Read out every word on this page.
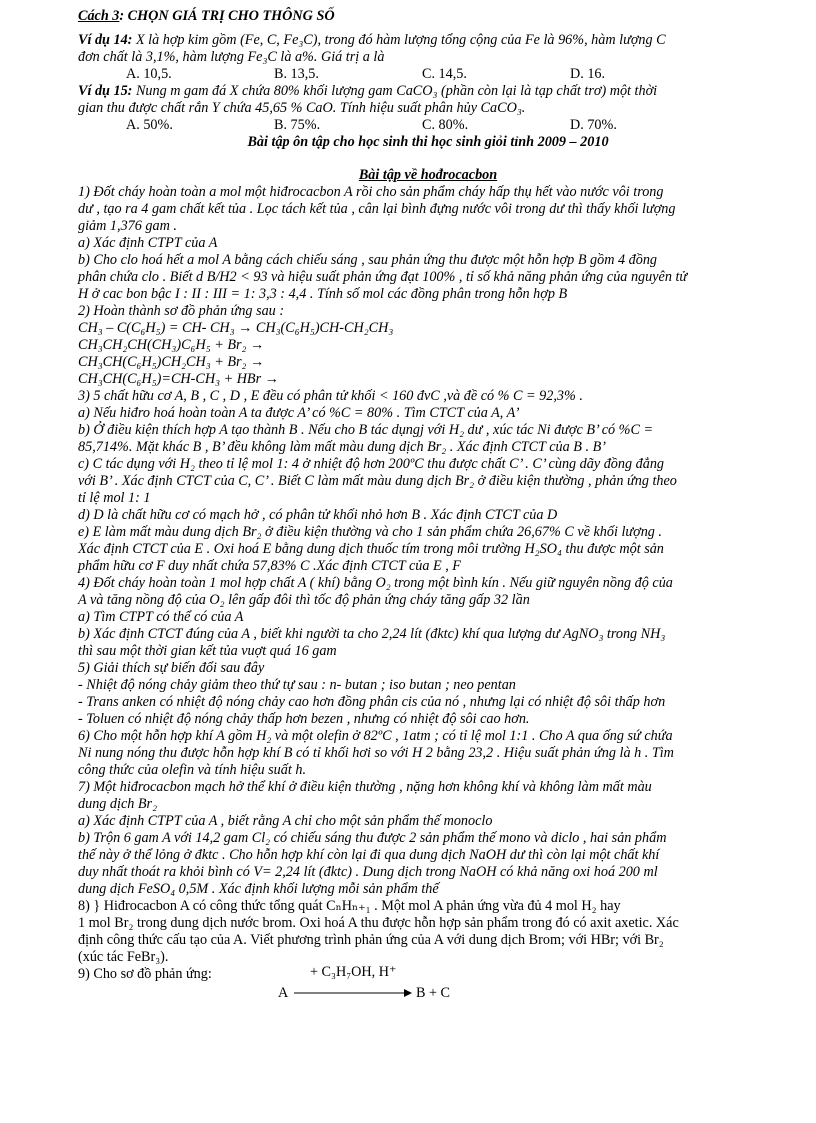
Cách 3: CHỌN GIÁ TRỊ CHO THÔNG SỐ
Ví dụ 14: X là hợp kim gồm (Fe, C, Fe₃C), trong đó hàm lượng tổng cộng của Fe là 96%, hàm lượng C
đơn chất là 3,1%, hàm lượng Fe₃C là a%. Giá trị a là
A. 10,5.	B. 13,5.	C. 14,5.	D. 16.
Ví dụ 15: Nung m gam đá X chứa 80% khối lượng gam CaCO₃ (phần còn lại là tạp chất trơ) một thời
gian thu được chất rắn Y chứa 45,65 % CaO. Tính hiệu suất phân hủy CaCO₃.
A. 50%.	B. 75%.	C. 80%.	D. 70%.
Bài tập ôn tập cho học sinh thi học sinh giỏi tỉnh 2009 – 2010
Bài tập về hođrocacbon
1) Đốt cháy hoàn toàn a mol một hiđrocacbon A rồi cho sản phẩm cháy hấp thụ hết vào nước vôi trong
dư , tạo ra 4 gam chất kết tủa . Lọc tách kết tủa , cân lại bình đựng nước vôi trong dư thì thấy khối lượng
giảm 1,376 gam .
a) Xác định CTPT của A
b) Cho clo hoá hết a mol A bằng cách chiếu sáng , sau phản ứng thu được một hỗn hợp B gồm 4 đồng
phân chứa clo . Biết d B/H2 < 93 và hiệu suất phản ứng đạt 100% , tỉ số khả năng phản ứng của nguyên tử
H ở cac bon bậc I : II : III = 1: 3,3 : 4,4 . Tính số mol các đồng phân trong hỗn hợp B
2) Hoàn thành sơ đồ phản ứng sau :
CH₃ – C(C₆H₅) = CH- CH₃ → CH₃(C₆H₅)CH-CH₂CH₃
CH₃CH₂CH(CH₃)C₆H₅ + Br₂ →
CH₃CH(C₆H₅)CH₂CH₃ + Br₂ →
CH₃CH(C₆H₅)=CH-CH₃ + HBr →
3) 5 chất hữu cơ A, B , C , D , E đều có phân tử khối < 160 đvC ,và đề có % C = 92,3% .
a) Nếu hiđro hoá hoàn toàn A ta được A’ có %C = 80% . Tìm CTCT của A, A’
b) Ở điều kiện thích hợp A tạo thành B . Nếu cho B tác dụngj với H₂ dư , xúc tác Ni được B’ có %C =
85,714%. Mặt khác B , B’ đều không làm mất màu dung dịch Br₂ . Xác định CTCT của B . B’
c) C tác dụng với H₂ theo tỉ lệ mol 1: 4 ở nhiệt độ hơn 200ºC thu được chất C’ . C’ cùng dãy đồng đẳng
với B’ . Xác định CTCT của C, C’ . Biết C làm mất màu dung dịch Br₂ ở điều kiện thường , phản ứng theo
tỉ lệ mol 1: 1
d) D là chất hữu cơ có mạch hở , có phân tử khối nhỏ hơn B . Xác định CTCT của D
e) E làm mất màu dung dịch Br₂ ở điều kiện thường và cho 1 sản phẩm chứa 26,67% C về khối lượng .
Xác định CTCT của E . Oxi hoá E bằng dung dịch thuốc tím trong môi trường H₂SO₄ thu được một sản
phẩm hữu cơ F duy nhất chứa 57,83% C .Xác định CTCT của E , F
4) Đốt cháy hoàn toàn 1 mol hợp chất A ( khí) bằng O₂ trong một bình kín . Nếu giữ nguyên nồng độ của
A và tăng nồng độ của O₂ lên gấp đôi thì tốc độ phản ứng cháy tăng gấp 32 lần
a) Tìm CTPT có thể có của A
b) Xác định CTCT đúng của A , biết khi người ta cho 2,24 lít (đktc) khí qua lượng dư AgNO₃ trong NH₃
thì sau một thời gian kết tủa vuợt quá 16 gam
5) Giải thích sự biến đổi sau đây
- Nhiệt độ nóng chảy giảm theo thứ tự sau : n- butan ; iso butan ; neo pentan
- Trans anken có nhiệt độ nóng chảy cao hơn đồng phân cis của nó , nhưng lại có nhiệt độ sôi thấp hơn
- Toluen có nhiệt độ nóng chảy thấp hơn bezen , nhưng có nhiệt độ sôi cao hơn.
6) Cho một hỗn hợp khí A gồm H₂ và một olefin ở 82ºC , 1atm ; có tỉ lệ mol 1:1 . Cho A qua ống sứ chứa
Ni nung nóng thu được hỗn hợp khí B có tỉ khối hơi so với H 2 bằng 23,2 . Hiệu suất phản ứng là h . Tìm
công thức của olefin và tính hiệu suất h.
7) Một hiđrocacbon mạch hở thể khí ở điều kiện thường , nặng hơn không khí và không làm mất màu
dung dịch Br₂
a) Xác định CTPT của A , biết rằng A chỉ cho một sản phẩm thế monoclo
b) Trộn 6 gam A với 14,2 gam Cl₂ có chiếu sáng thu được 2 sản phẩm thế mono và diclo , hai sản phẩm
thế này ở thể lỏng ở đktc . Cho hỗn hợp khí còn lại đi qua dung dịch NaOH dư thì còn lại một chất khí
duy nhất thoát ra khỏi bình có V= 2,24 lít (đktc) . Dung dịch trong NaOH có khả năng oxi hoá 200 ml
dung dịch FeSO₄ 0,5M . Xác định khối lượng mỗi sản phẩm thế
8) } Hiđrocacbon A có công thức tổng quát CₙHₙ₊₁ . Một mol A phản ứng vừa đủ 4 mol H₂ hay
1 mol Br₂ trong dung dịch nước brom. Oxi hoá A thu được hỗn hợp sản phẩm trong đó có axit axetic. Xác
định công thức cấu tạo của A. Viết phương trình phản ứng của A với dung dịch Brom; với HBr; với Br₂
(xúc tác FeBr₃).
9) Cho sơ đồ phản ứng:	+ C₃H₇OH, H⁺
A	B + C
